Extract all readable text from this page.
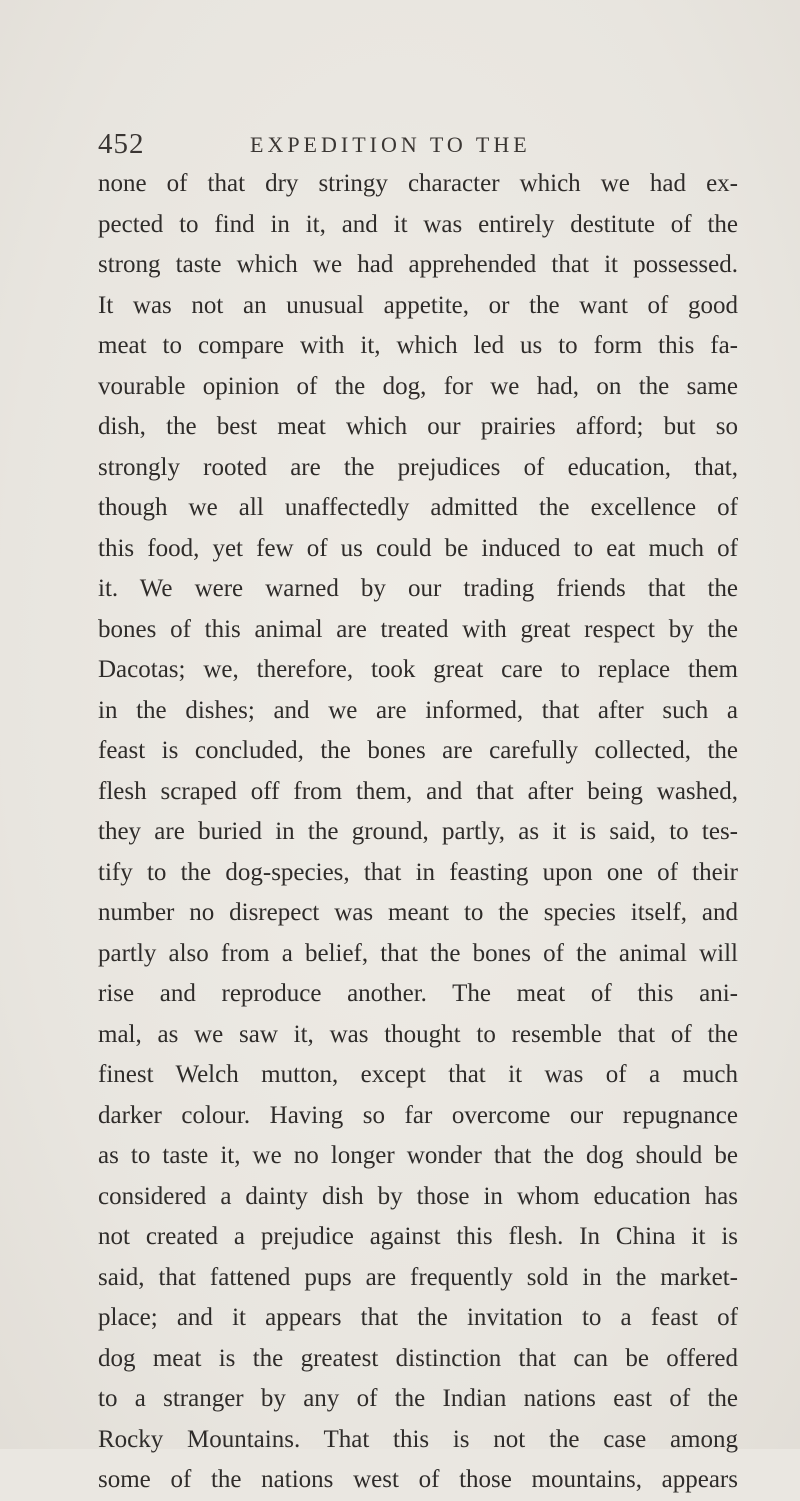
452	EXPEDITION TO THE
none of that dry stringy character which we had ex-
pected to find in it, and it was entirely destitute of the
strong taste which we had apprehended that it possessed.
It was not an unusual appetite, or the want of good
meat to compare with it, which led us to form this fa-
vourable opinion of the dog, for we had, on the same
dish, the best meat which our prairies afford; but so
strongly rooted are the prejudices of education, that,
though we all unaffectedly admitted the excellence of
this food, yet few of us could be induced to eat much of
it. We were warned by our trading friends that the
bones of this animal are treated with great respect by the
Dacotas; we, therefore, took great care to replace them
in the dishes; and we are informed, that after such a
feast is concluded, the bones are carefully collected, the
flesh scraped off from them, and that after being washed,
they are buried in the ground, partly, as it is said, to tes-
tify to the dog-species, that in feasting upon one of their
number no disrepect was meant to the species itself, and
partly also from a belief, that the bones of the animal will
rise and reproduce another. The meat of this ani-
mal, as we saw it, was thought to resemble that of the
finest Welch mutton, except that it was of a much
darker colour. Having so far overcome our repugnance
as to taste it, we no longer wonder that the dog should be
considered a dainty dish by those in whom education has
not created a prejudice against this flesh. In China it is
said, that fattened pups are frequently sold in the market-
place; and it appears that the invitation to a feast of
dog meat is the greatest distinction that can be offered
to a stranger by any of the Indian nations east of the
Rocky Mountains. That this is not the case among
some of the nations west of those mountains, appears
